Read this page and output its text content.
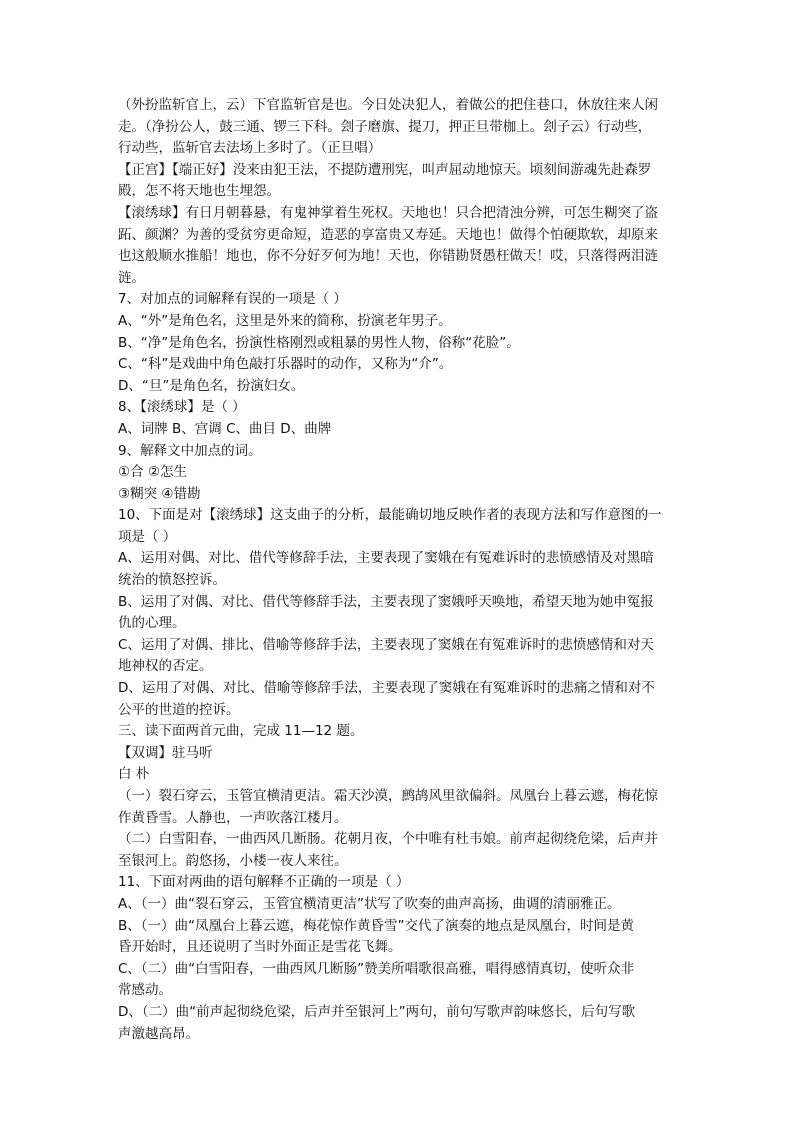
（外扮监斩官上，云）下官监斩官是也。今日处决犯人，着做公的把住巷口，休放往来人闲
走。（净扮公人，鼓三通、锣三下科。刽子磨旗、提刀，押正旦带枷上。刽子云）行动些，
行动些，监斩官去法场上多时了。（正旦唱）
【正宫】【端正好】没来由犯王法，不提防遭刑宪，叫声屈动地惊天。顷刻间游魂先赴森罗
殿，怎不将天地也生埋怨。
【滚绣球】有日月朝暮悬，有鬼神掌着生死权。天地也！只合把清浊分辨，可怎生糊突了盗
跖、颜渊？为善的受贫穷更命短，造恶的享富贵又寿延。天地也！做得个怕硬欺软，却原来
也这般顺水推船！地也，你不分好歹何为地！天也，你错勘贤愚枉做天！哎，只落得两泪涟
涟。
7、对加点的词解释有误的一项是（ ）
A、“外”是角色名，这里是外来的简称，扮演老年男子。
B、“净”是角色名，扮演性格刚烈或粗暴的男性人物，俗称“花脸”。
C、“科”是戏曲中角色敲打乐器时的动作，又称为“介”。
D、“旦”是角色名，扮演妇女。
8、【滚绣球】是（ ）
A、词牌 B、宫调 C、曲目 D、曲牌
9、解释文中加点的词。
①合 ②怎生
③糊突 ④错勘
10、下面是对【滚绣球】这支曲子的分析，最能确切地反映作者的表现方法和写作意图的一
项是（ ）
A、运用对偶、对比、借代等修辞手法，主要表现了窦娥在有冤难诉时的悲愤感情及对黑暗
统治的愤怒控诉。
B、运用了对偶、对比、借代等修辞手法，主要表现了窦娥呼天唤地，希望天地为她申冤报
仇的心理。
C、运用了对偶、排比、借喻等修辞手法，主要表现了窦娥在有冤难诉时的悲愤感情和对天
地神权的否定。
D、运用了对偶、对比、借喻等修辞手法，主要表现了窦娥在有冤难诉时的悲痛之情和对不
公平的世道的控诉。
三、读下面两首元曲，完成 11—12 题。
【双调】驻马听
白 朴
（一）裂石穿云，玉管宜横清更洁。霜天沙漠，鹧鸪风里欲偏斜。凤凰台上暮云遮，梅花惊
作黄昏雪。人静也，一声吹落江楼月。
（二）白雪阳春，一曲西风几断肠。花朝月夜，个中唯有杜韦娘。前声起彻绕危梁，后声并
至银河上。韵悠扬，小楼一夜人来往。
11、下面对两曲的语句解释不正确的一项是（ ）
A、（一）曲“裂石穿云，玉管宜横清更洁”状写了吹奏的曲声高扬，曲调的清丽雅正。
B、（一）曲“凤凰台上暮云遮，梅花惊作黄昏雪”交代了演奏的地点是凤凰台，时间是黄
昏开始时，且还说明了当时外面正是雪花飞舞。
C、（二）曲“白雪阳春，一曲西风几断肠”赞美所唱歌很高雅，唱得感情真切，使听众非
常感动。
D、（二）曲“前声起彻绕危梁，后声并至银河上”两句，前句写歌声韵味悠长，后句写歌
声激越高昂。
